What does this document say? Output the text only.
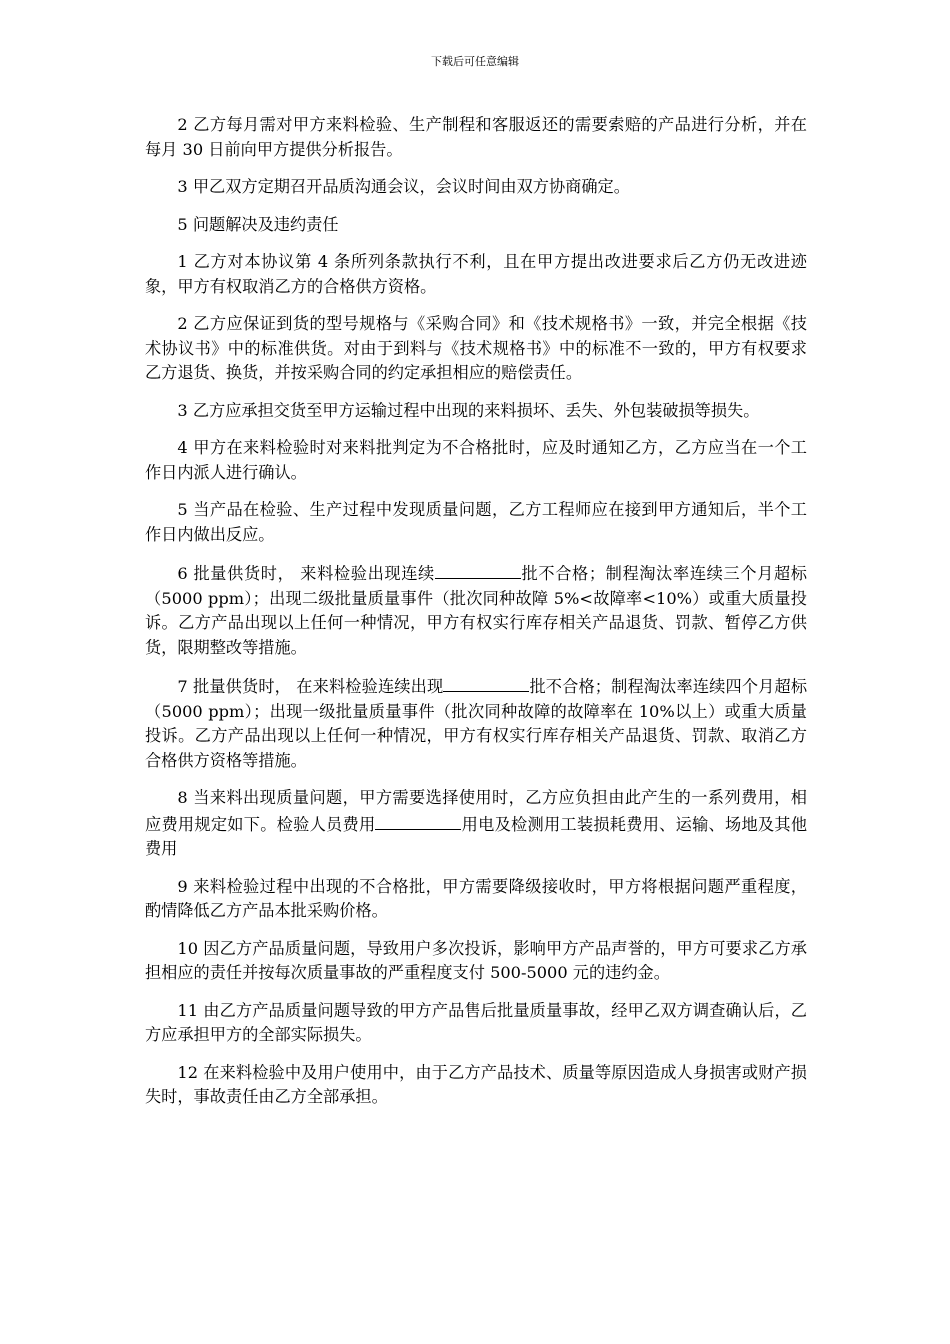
下载后可任意编辑

2 乙方每月需对甲方来料检验、生产制程和客服返还的需要索赔的产品进行分析，并在每月 30 日前向甲方提供分析报告。

3 甲乙双方定期召开品质沟通会议，会议时间由双方协商确定。

5 问题解决及违约责任

1 乙方对本协议第 4 条所列条款执行不利，且在甲方提出改进要求后乙方仍无改进迹象，甲方有权取消乙方的合格供方资格。

2 乙方应保证到货的型号规格与《采购合同》和《技术规格书》一致，并完全根据《技术协议书》中的标准供货。对由于到料与《技术规格书》中的标准不一致的，甲方有权要求乙方退货、换货，并按采购合同的约定承担相应的赔偿责任。

3 乙方应承担交货至甲方运输过程中出现的来料损坏、丢失、外包装破损等损失。

4 甲方在来料检验时对来料批判定为不合格批时，应及时通知乙方，乙方应当在一个工作日内派人进行确认。

5 当产品在检验、生产过程中发现质量问题，乙方工程师应在接到甲方通知后，半个工作日内做出反应。

6 批量供货时， 来料检验出现连续	批不合格；制程淘汰率连续三个月超标（5000 ppm）；出现二级批量质量事件（批次同种故障 5%<故障率<10%）或重大质量投诉。乙方产品出现以上任何一种情况，甲方有权实行库存相关产品退货、罚款、暂停乙方供货，限期整改等措施。

7 批量供货时， 在来料检验连续出现	批不合格；制程淘汰率连续四个月超标（5000 ppm）；出现一级批量质量事件（批次同种故障的故障率在 10%以上）或重大质量投诉。乙方产品出现以上任何一种情况，甲方有权实行库存相关产品退货、罚款、取消乙方合格供方资格等措施。

8 当来料出现质量问题，甲方需要选择使用时，乙方应负担由此产生的一系列费用，相应费用规定如下。检验人员费用	用电及检测用工装损耗费用、运输、场地及其他费用

9 来料检验过程中出现的不合格批，甲方需要降级接收时，甲方将根据问题严重程度，酌情降低乙方产品本批采购价格。

10 因乙方产品质量问题，导致用户多次投诉，影响甲方产品声誉的，甲方可要求乙方承担相应的责任并按每次质量事故的严重程度支付 500-5000 元的违约金。

11 由乙方产品质量问题导致的甲方产品售后批量质量事故，经甲乙双方调查确认后，乙方应承担甲方的全部实际损失。

12 在来料检验中及用户使用中，由于乙方产品技术、质量等原因造成人身损害或财产损失时，事故责任由乙方全部承担。
